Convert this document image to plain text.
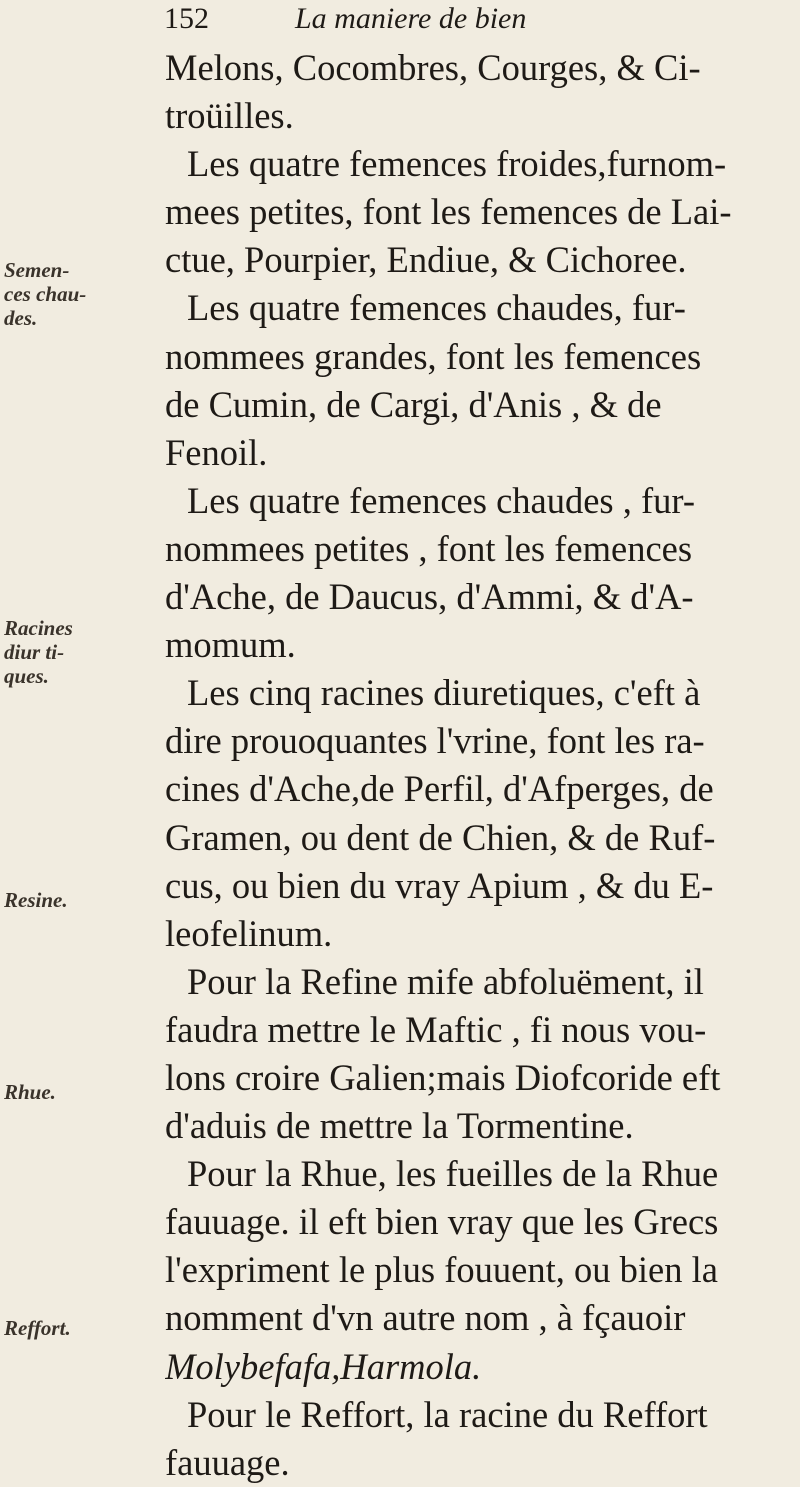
152	La maniere de bien
Semen-
ces chau-
des.
Racines
diur ti-
ques.
Resine.
Rhue.
Reffort.

Melons, Cocombres, Courges, & Ci-
troüilles.

Les quatre femences froides,furnom-
mees petites, font les femences de Lai-
ctue, Pourpier, Endiue, & Cichoree.

Les quatre femences chaudes, fur-
nommees grandes, font les femences
de Cumin, de Cargi, d'Anis , & de
Fenoil.

Les quatre femences chaudes , fur-
nommees petites , font les femences
d'Ache, de Daucus, d'Ammi, & d'A-
momum.

Les cinq racines diuretiques, c'eft à
dire prouoquantes l'vrine, font les ra-
cines d'Ache,de Perfil, d'Afperges, de
Gramen, ou dent de Chien, & de Ruf-
cus, ou bien du vray Apium , & du E-
leofelinum.

Pour la Refine mife abfoluëment, il
faudra mettre le Maftic , fi nous vou-
lons croire Galien;mais Diofcoride eft
d'aduis de mettre la Tormentine.

Pour la Rhue, les fueilles de la Rhue
fauuage. il eft bien vray que les Grecs
l'expriment le plus fouuent, ou bien la
nomment d'vn autre nom , à fçauoir
Molybefafa,Harmola.

Pour le Reffort, la racine du Reffort
fauuage.
